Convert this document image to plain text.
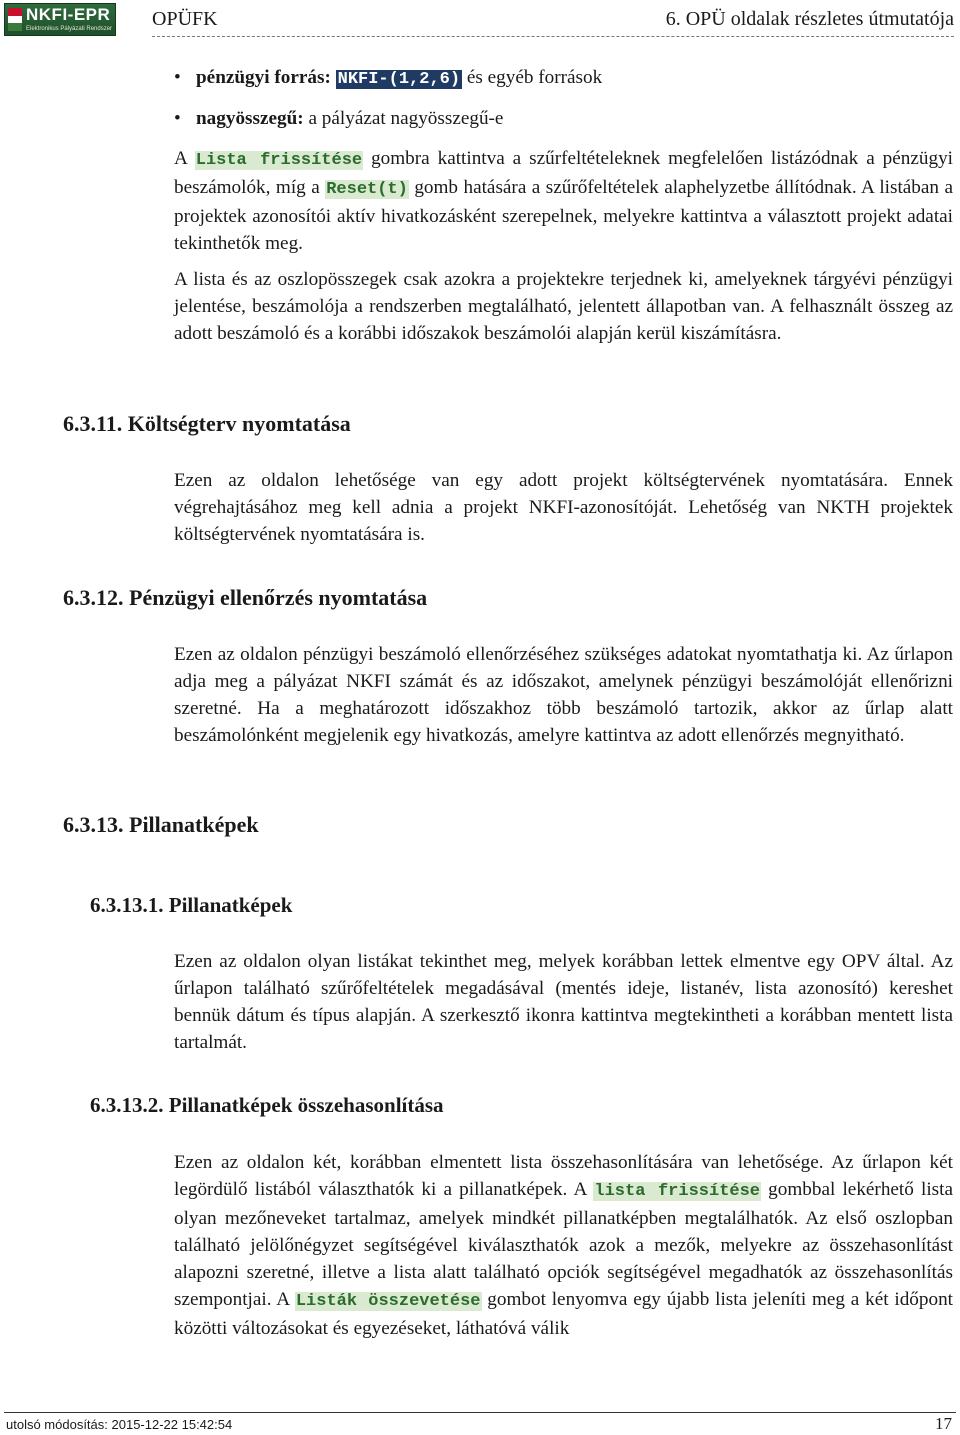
NKFI-EPR
Elektronikus Pályázati Rendszer OPÜFK	6. OPÜ oldalak részletes útmutatója
• pénzügyi forrás: NKFI-(1,2,6) és egyéb források
• nagyösszegű: a pályázat nagyösszegű-e

A Lista frissítése gombra kattintva a szűrfeltételeknek megfelelően listázódnak a pénzügyi beszámolók, míg a Reset(t) gomb hatására a szűrőfeltételek alaphelyzetbe állítódnak. A listában a projektek azonosítói aktív hivatkozásként szerepelnek, melyekre kattintva a választott projekt adatai tekinthetők meg.

A lista és az oszlopösszegek csak azokra a projektekre terjednek ki, amelyeknek tárgyévi pénzügyi jelentése, beszámolója a rendszerben megtalálható, jelentett állapotban van. A felhasznált összeg az adott beszámoló és a korábbi időszakok beszámolói alapján kerül kiszámításra.

6.3.11. Költségterv nyomtatása

Ezen az oldalon lehetősége van egy adott projekt költségtervének nyomtatására. Ennek végrehajtásához meg kell adnia a projekt NKFI-azonosítóját. Lehetőség van NKTH projektek költségtervének nyomtatására is.

6.3.12. Pénzügyi ellenőrzés nyomtatása

Ezen az oldalon pénzügyi beszámoló ellenőrzéséhez szükséges adatokat nyomtathatja ki. Az űrlapon adja meg a pályázat NKFI számát és az időszakot, amelynek pénzügyi beszámolóját ellenőrizni szeretné. Ha a meghatározott időszakhoz több beszámoló tartozik, akkor az űrlap alatt beszámolónként megjelenik egy hivatkozás, amelyre kattintva az adott ellenőrzés megnyitható.

6.3.13. Pillanatképek
6.3.13.1. Pillanatképek

Ezen az oldalon olyan listákat tekinthet meg, melyek korábban lettek elmentve egy OPV által. Az űrlapon található szűrőfeltételek megadásával (mentés ideje, listanév, lista azonosító) kereshet bennük dátum és típus alapján. A szerkesztő ikonra kattintva megtekintheti a korábban mentett lista tartalmát.

6.3.13.2. Pillanatképek összehasonlítása

Ezen az oldalon két, korábban elmentett lista összehasonlítására van lehetősége. Az űrlapon két legördülő listából választhatók ki a pillanatképek. A lista frissítése gombbal lekérhető lista olyan mezőneveket tartalmaz, amelyek mindkét pillanatképben megtalálhatók. Az első oszlopban található jelölőnégyzet segítségével kiválaszthatók azok a mezők, melyekre az összehasonlítást alapozni szeretné, illetve a lista alatt található opciók segítségével megadhatók az összehasonlítás szempontjai. A Listák összevetése gombot lenyomva egy újabb lista jeleníti meg a két időpont közötti változásokat és egyezéseket, láthatóvá válik

utolsó módosítás: 2015-12-22 15:42:54	17
